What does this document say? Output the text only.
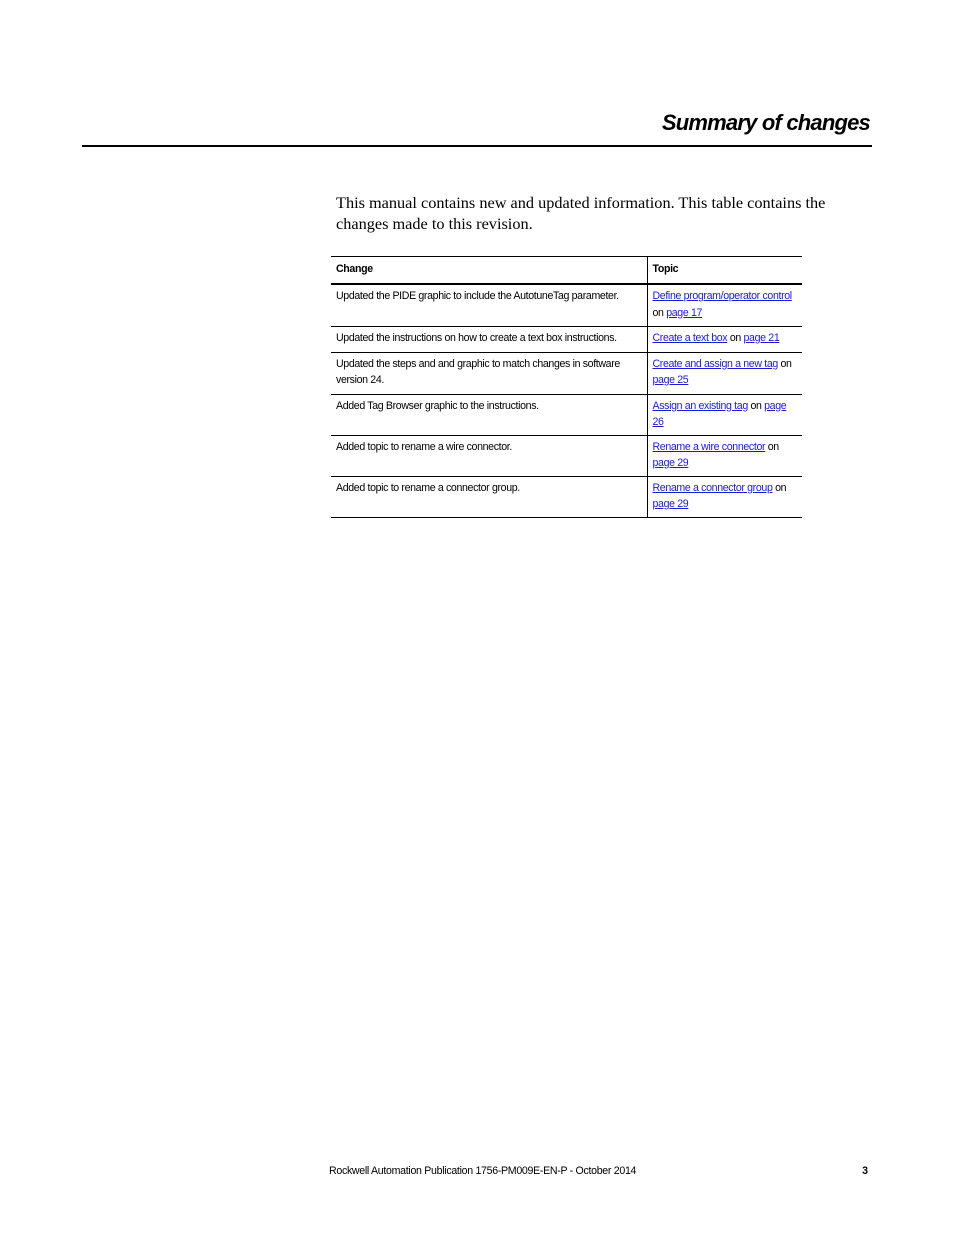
Summary of changes

This manual contains new and updated information. This table contains the changes made to this revision.

Change	Topic
Updated the PIDE graphic to include the AutotuneTag parameter.	Define program/operator control on page 17
Updated the instructions on how to create a text box instructions.	Create a text box on page 21
Updated the steps and and graphic to match changes in software version 24.	Create and assign a new tag on page 25
Added Tag Browser graphic to the instructions.	Assign an existing tag on page 26
Added topic to rename a wire connector.	Rename a wire connector on page 29
Added topic to rename a connector group.	Rename a connector group on page 29
Rockwell Automation Publication 1756-PM009E-EN-P - October 2014	3
